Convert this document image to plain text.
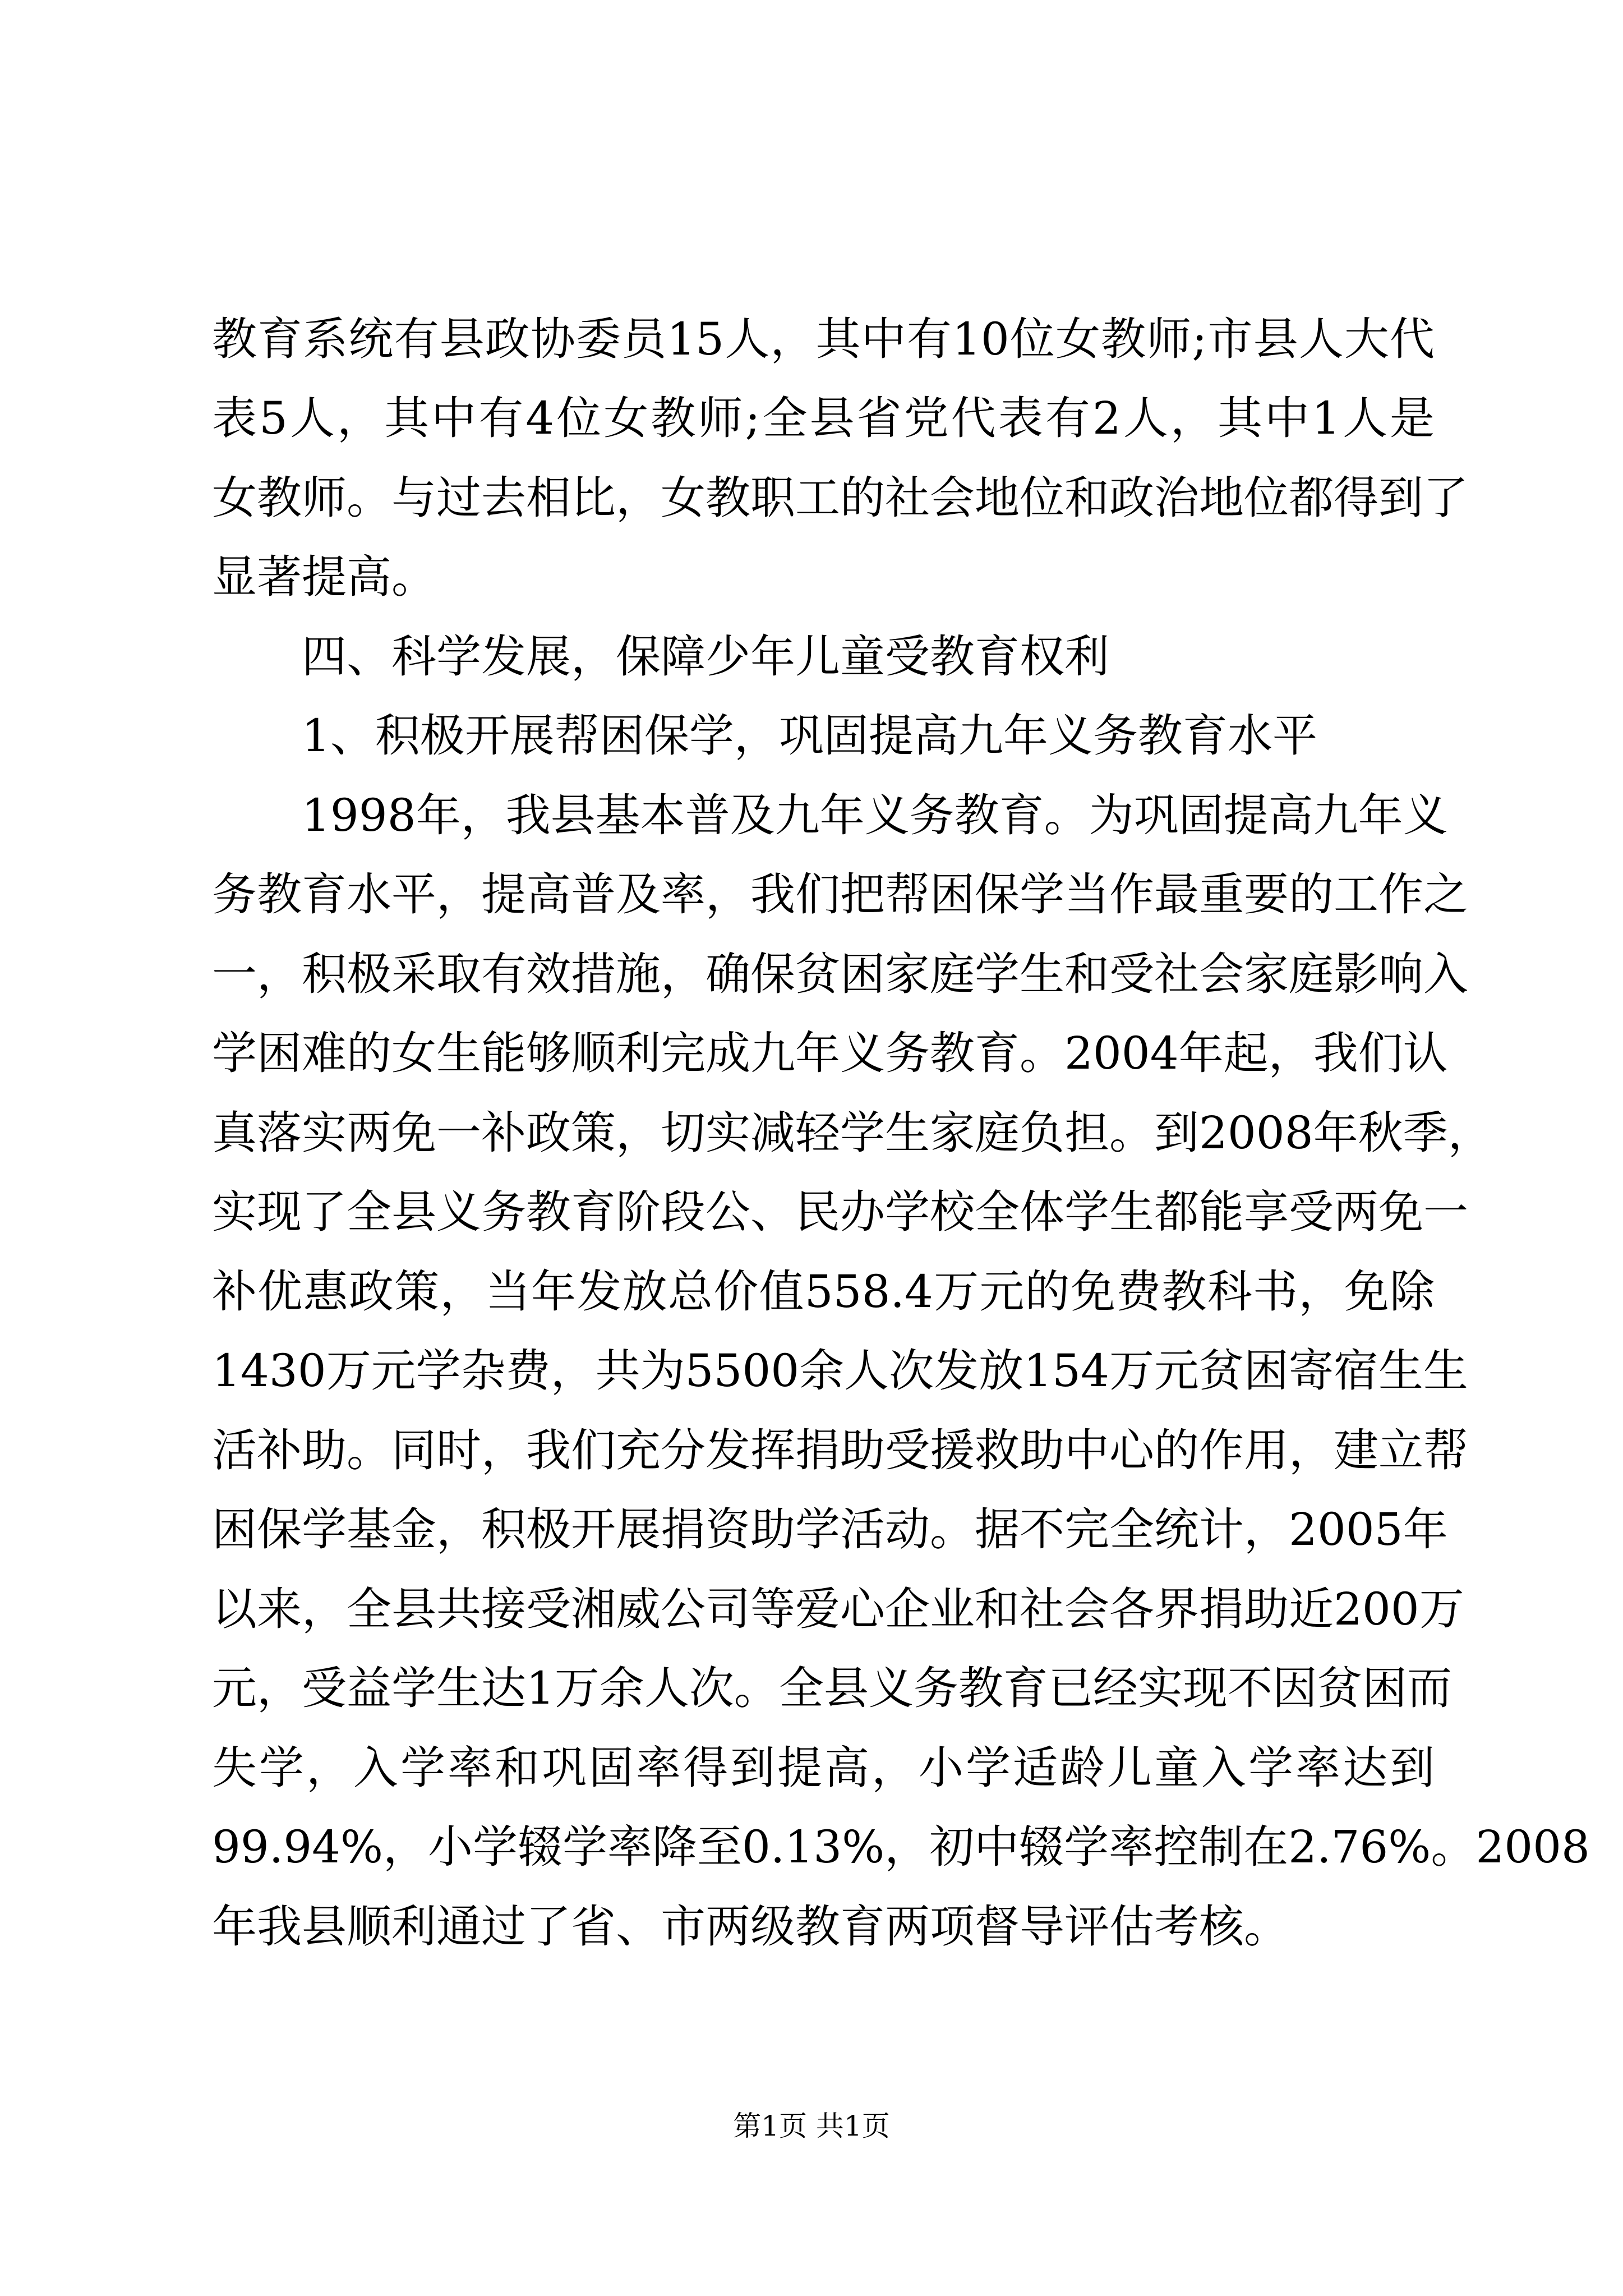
教育系统有县政协委员15人，其中有10位女教师;市县人大代
表5人，其中有4位女教师;全县省党代表有2人，其中1人是
女教师。与过去相比，女教职工的社会地位和政治地位都得到了
显著提高。
四、科学发展，保障少年儿童受教育权利
1、积极开展帮困保学，巩固提高九年义务教育水平
1998年，我县基本普及九年义务教育。为巩固提高九年义
务教育水平，提高普及率，我们把帮困保学当作最重要的工作之
一，积极采取有效措施，确保贫困家庭学生和受社会家庭影响入
学困难的女生能够顺利完成九年义务教育。2004年起，我们认
真落实两免一补政策，切实减轻学生家庭负担。到2008年秋季，
实现了全县义务教育阶段公、民办学校全体学生都能享受两免一
补优惠政策，当年发放总价值558.4万元的免费教科书，免除
1430万元学杂费，共为5500余人次发放154万元贫困寄宿生生
活补助。同时，我们充分发挥捐助受援救助中心的作用，建立帮
困保学基金，积极开展捐资助学活动。据不完全统计，2005年
以来，全县共接受湘威公司等爱心企业和社会各界捐助近200万
元，受益学生达1万余人次。全县义务教育已经实现不因贫困而
失学，入学率和巩固率得到提高，小学适龄儿童入学率达到
99.94%，小学辍学率降至0.13%，初中辍学率控制在2.76%。2008
年我县顺利通过了省、市两级教育两项督导评估考核。
第1页 共1页
